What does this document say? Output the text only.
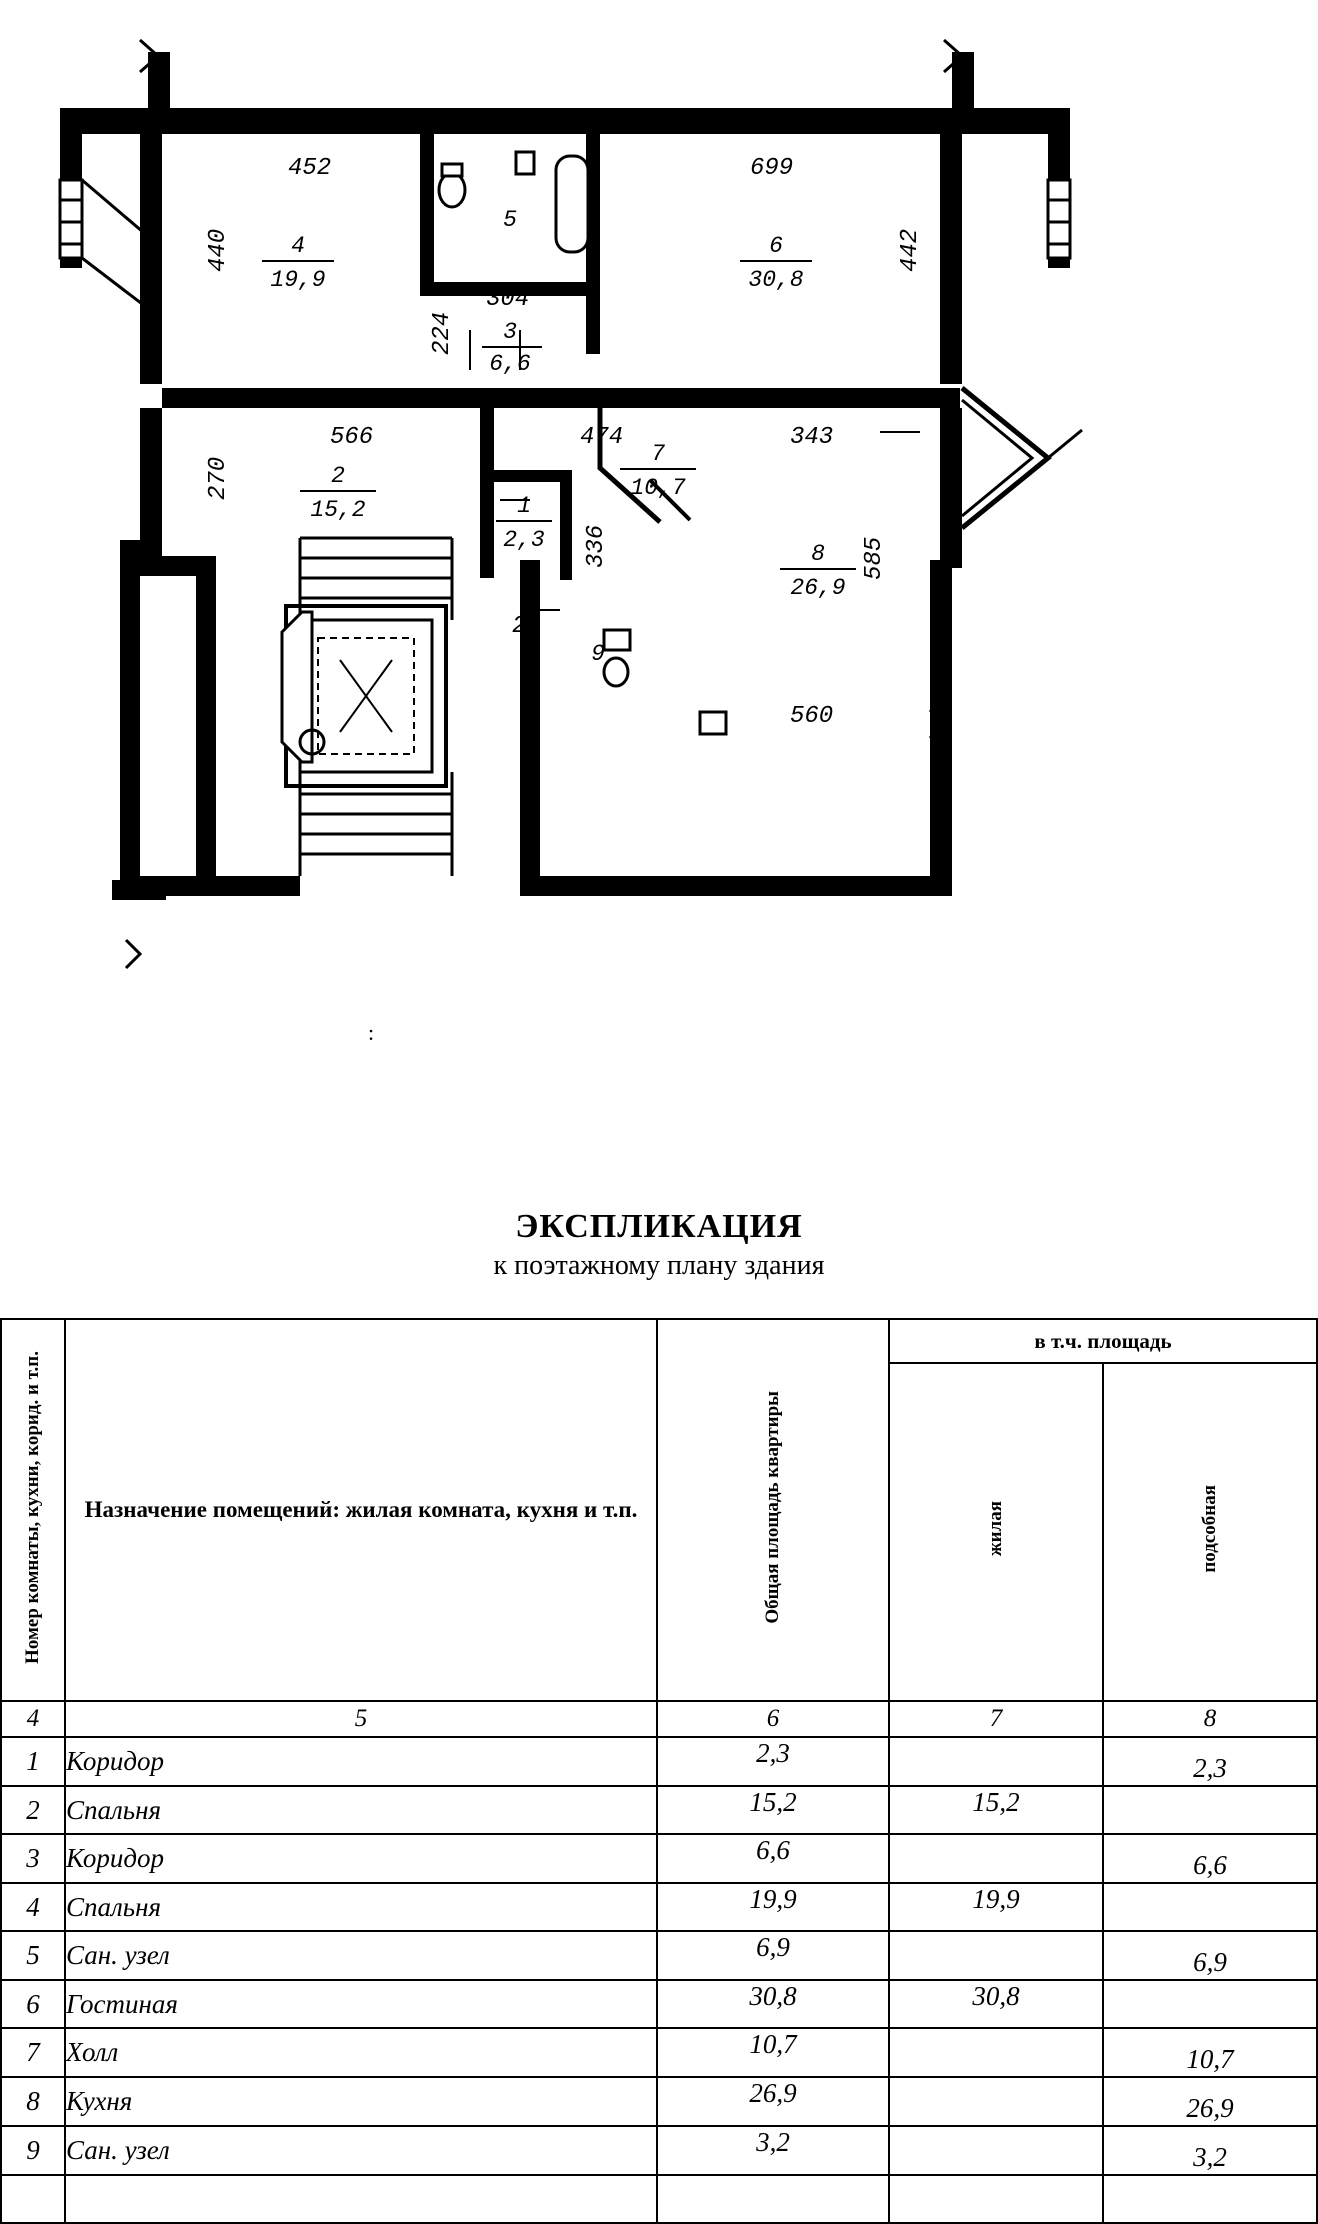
452	699
440	442
566
270
474	343
304
224
336	585
560
24
4
19,9
5
3
6,6
6
30,8
2
15,2
7
10,7
1
2,3
8
26,9
9
:
ЭКСПЛИКАЦИЯ
к поэтажному плану здания
Номер комнаты, кухни, корид. и т.п.	Назначение помещений: жилая комната, кухня и т.п.	Общая площадь квартиры	в т.ч. площадь	
			жилая	подсобная
4	5	6	7	8
1	Коридор	2,3		2,3
2	Спальня	15,2	15,2	
3	Коридор	6,6		6,6
4	Спальня	19,9	19,9	
5	Сан. узел	6,9		6,9
6	Гостиная	30,8	30,8	
7	Холл	10,7		10,7
8	Кухня	26,9		26,9
9	Сан. узел	3,2		3,2
